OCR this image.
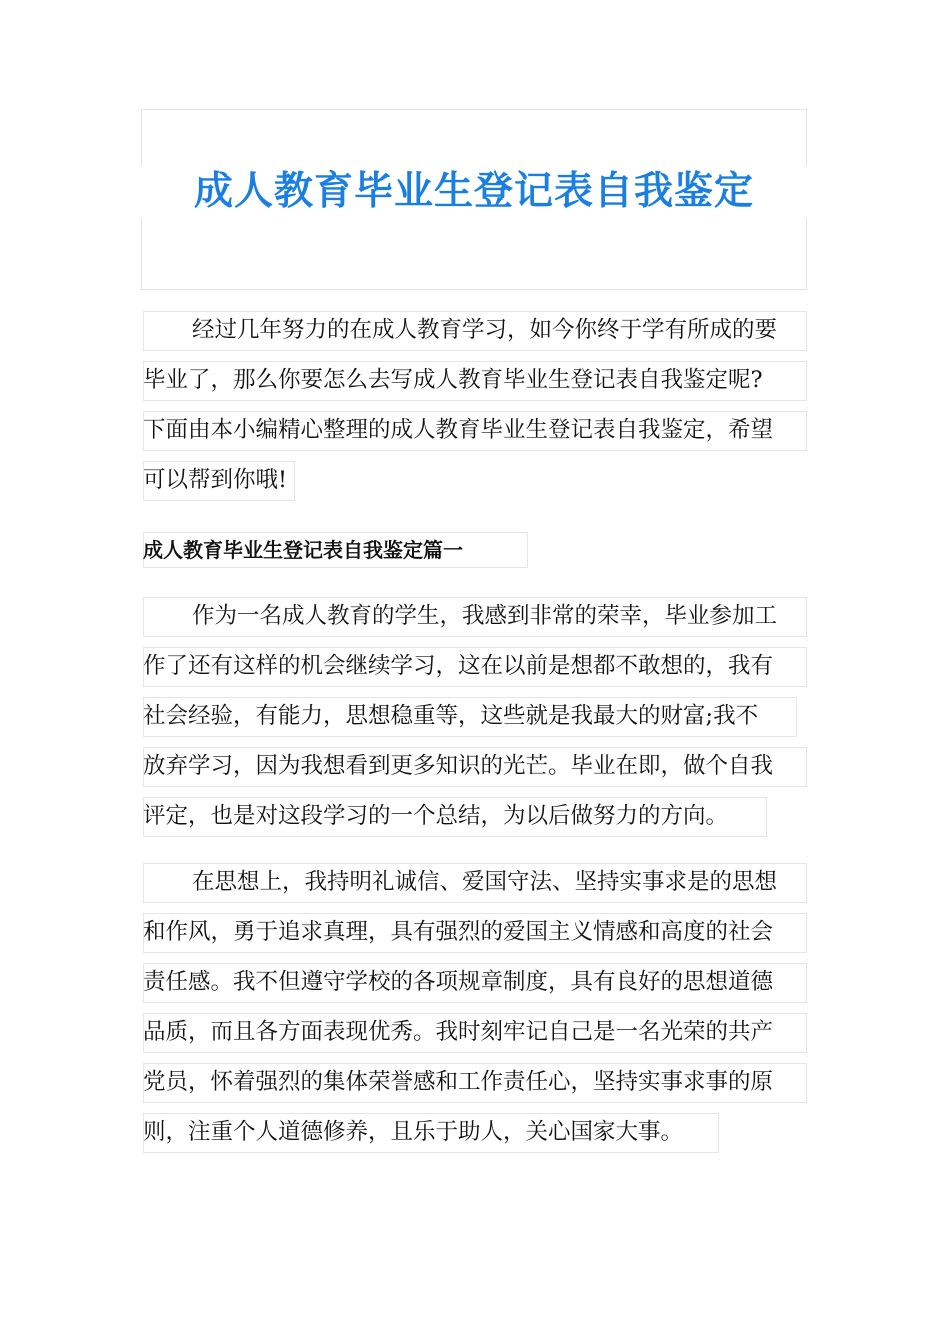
成人教育毕业生登记表自我鉴定
经过几年努力的在成人教育学习，如今你终于学有所成的要
毕业了，那么你要怎么去写成人教育毕业生登记表自我鉴定呢?
下面由本小编精心整理的成人教育毕业生登记表自我鉴定，希望
可以帮到你哦!
成人教育毕业生登记表自我鉴定篇一
作为一名成人教育的学生，我感到非常的荣幸，毕业参加工
作了还有这样的机会继续学习，这在以前是想都不敢想的，我有
社会经验，有能力，思想稳重等，这些就是我最大的财富;我不
放弃学习，因为我想看到更多知识的光芒。毕业在即，做个自我
评定，也是对这段学习的一个总结，为以后做努力的方向。
在思想上，我持明礼诚信、爱国守法、坚持实事求是的思想
和作风，勇于追求真理，具有强烈的爱国主义情感和高度的社会
责任感。我不但遵守学校的各项规章制度，具有良好的思想道德
品质，而且各方面表现优秀。我时刻牢记自己是一名光荣的共产
党员，怀着强烈的集体荣誉感和工作责任心，坚持实事求事的原
则，注重个人道德修养，且乐于助人，关心国家大事。
